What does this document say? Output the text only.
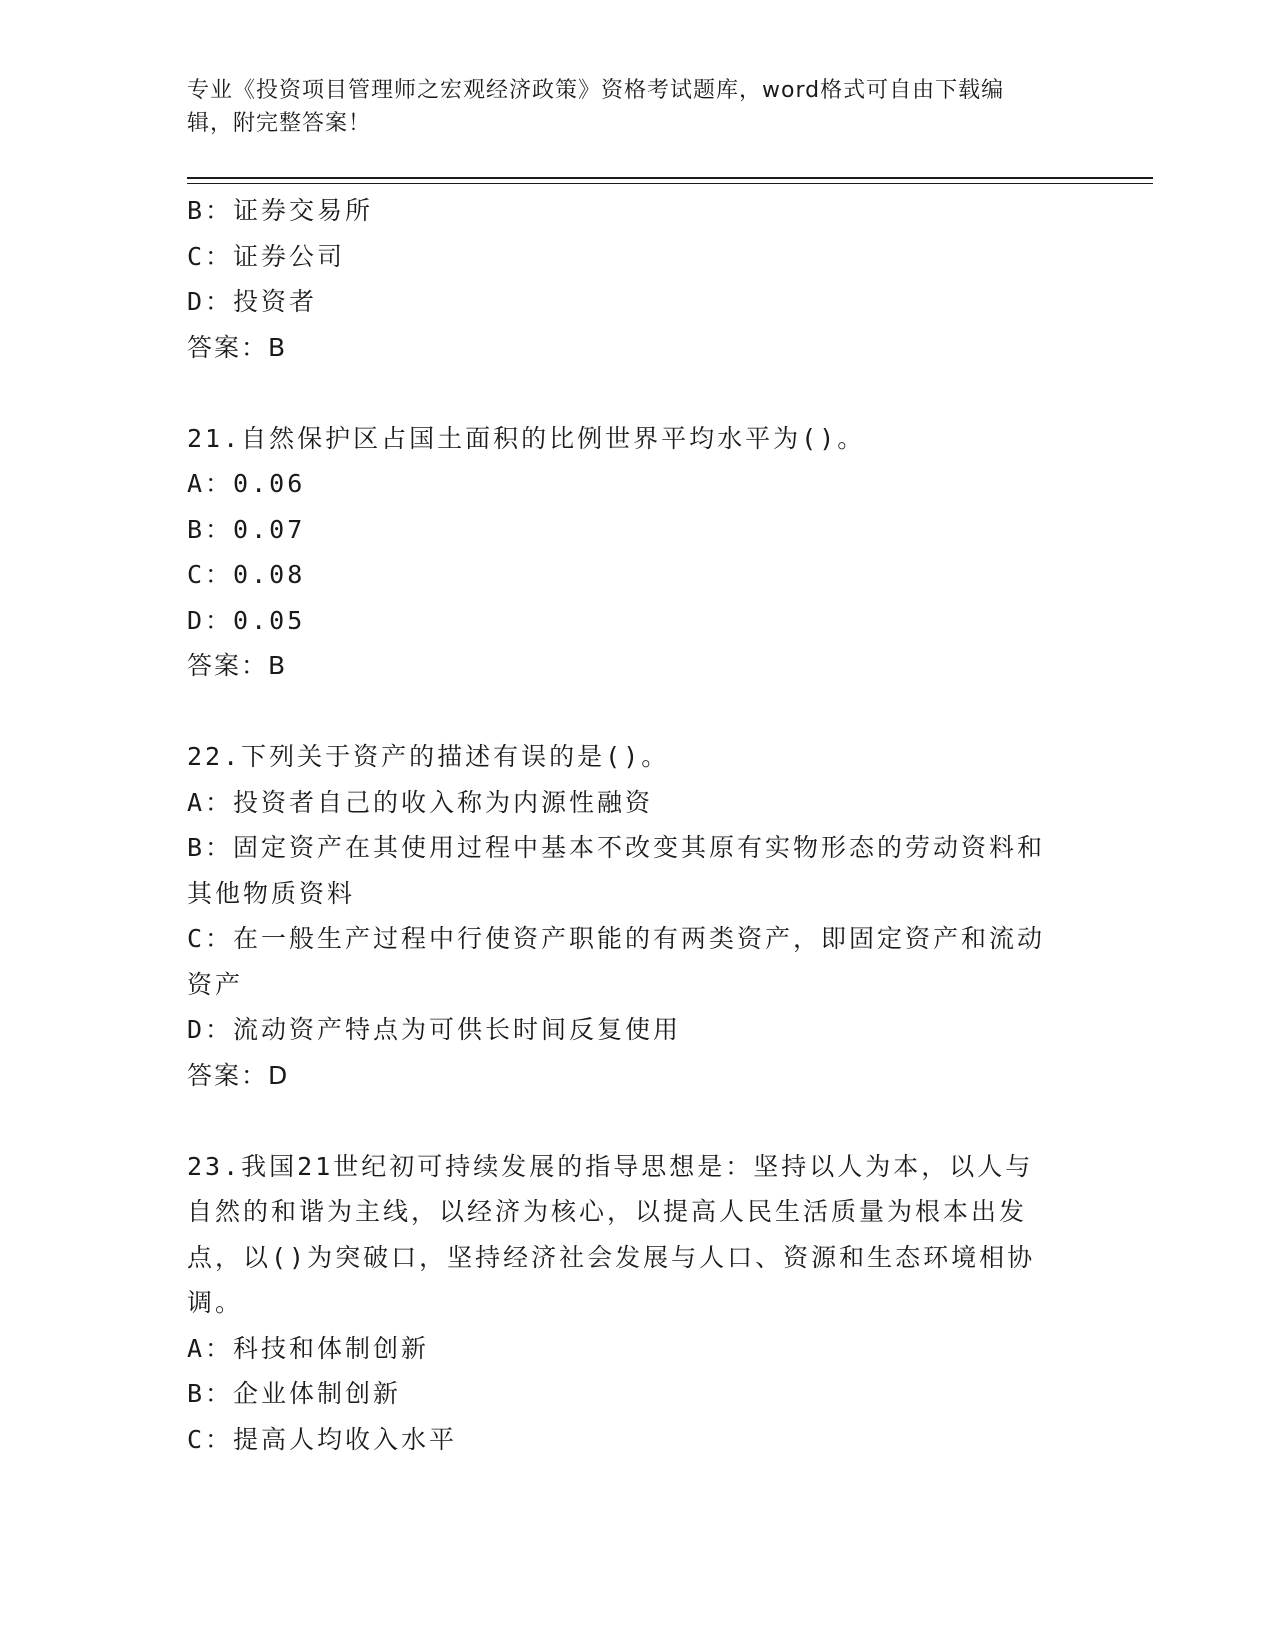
专业《投资项目管理师之宏观经济政策》资格考试题库，word格式可自由下载编
辑，附完整答案！

B：证券交易所

C：证券公司

D：投资者

答案：B

21.自然保护区占国土面积的比例世界平均水平为()。

A：0.06

B：0.07

C：0.08

D：0.05

答案：B

22.下列关于资产的描述有误的是()。

A：投资者自己的收入称为内源性融资

B：固定资产在其使用过程中基本不改变其原有实物形态的劳动资料和

其他物质资料

C：在一般生产过程中行使资产职能的有两类资产，即固定资产和流动

资产

D：流动资产特点为可供长时间反复使用

答案：D

23.我国21世纪初可持续发展的指导思想是：坚持以人为本，以人与

自然的和谐为主线，以经济为核心，以提高人民生活质量为根本出发

点，以()为突破口，坚持经济社会发展与人口、资源和生态环境相协

调。

A：科技和体制创新

B：企业体制创新

C：提高人均收入水平
